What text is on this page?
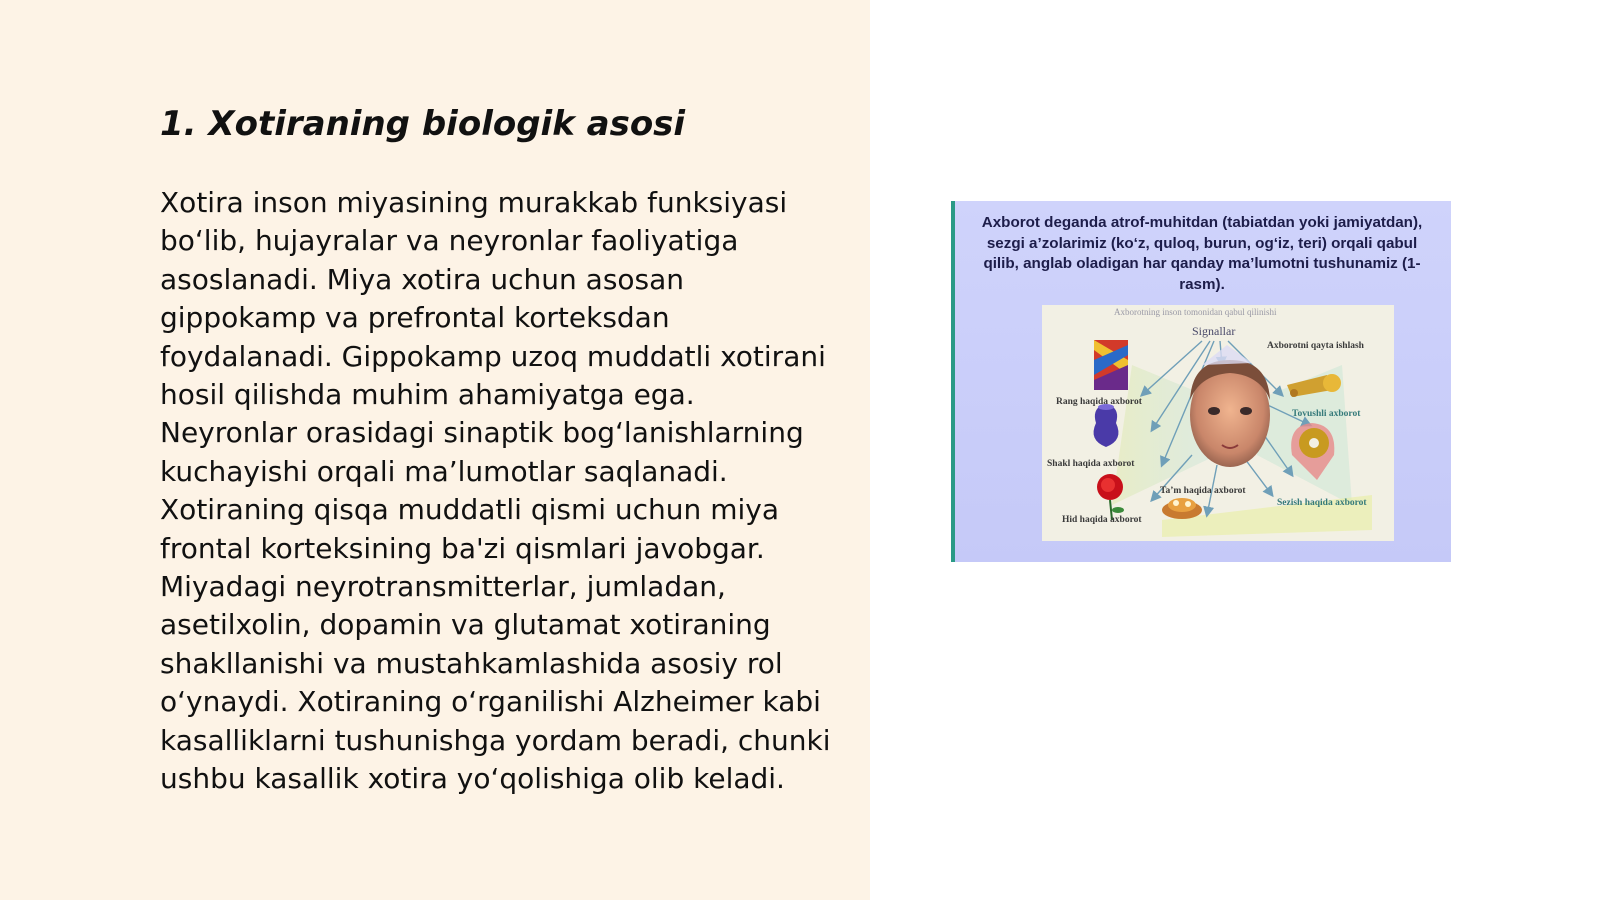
1. Xotiraning biologik asosi

Xotira inson miyasining murakkab funksiyasi bo‘lib, hujayralar va neyronlar faoliyatiga asoslanadi. Miya xotira uchun asosan gippokamp va prefrontal korteksdan foydalanadi. Gippokamp uzoq muddatli xotirani hosil qilishda muhim ahamiyatga ega. Neyronlar orasidagi sinaptik bog‘lanishlarning kuchayishi orqali ma’lumotlar saqlanadi. Xotiraning qisqa muddatli qismi uchun miya frontal korteksining ba'zi qismlari javobgar. Miyadagi neyrotransmitterlar, jumladan, asetilxolin, dopamin va glutamat xotiraning shakllanishi va mustahkamlashida asosiy rol o‘ynaydi. Xotiraning o‘rganilishi Alzheimer kabi kasalliklarni tushunishga yordam beradi, chunki ushbu kasallik xotira yo‘qolishiga olib keladi.

Axborot deganda atrof-muhitdan (tabiatdan yoki jamiyatdan), sezgi a’zolarimiz (ko‘z, quloq, burun, og‘iz, teri) orqali qabul qilib, anglab oladigan har qanday ma’lumotni tushunamiz (1- rasm).
Axborotning inson tomonidan qabul qilinishi
Signallar
Axborotni qayta ishlash
Rang haqida axborot
Tovushli axborot
Shakl haqida axborot
Ta’m haqida axborot
Sezish haqida axborot
Hid haqida axborot
